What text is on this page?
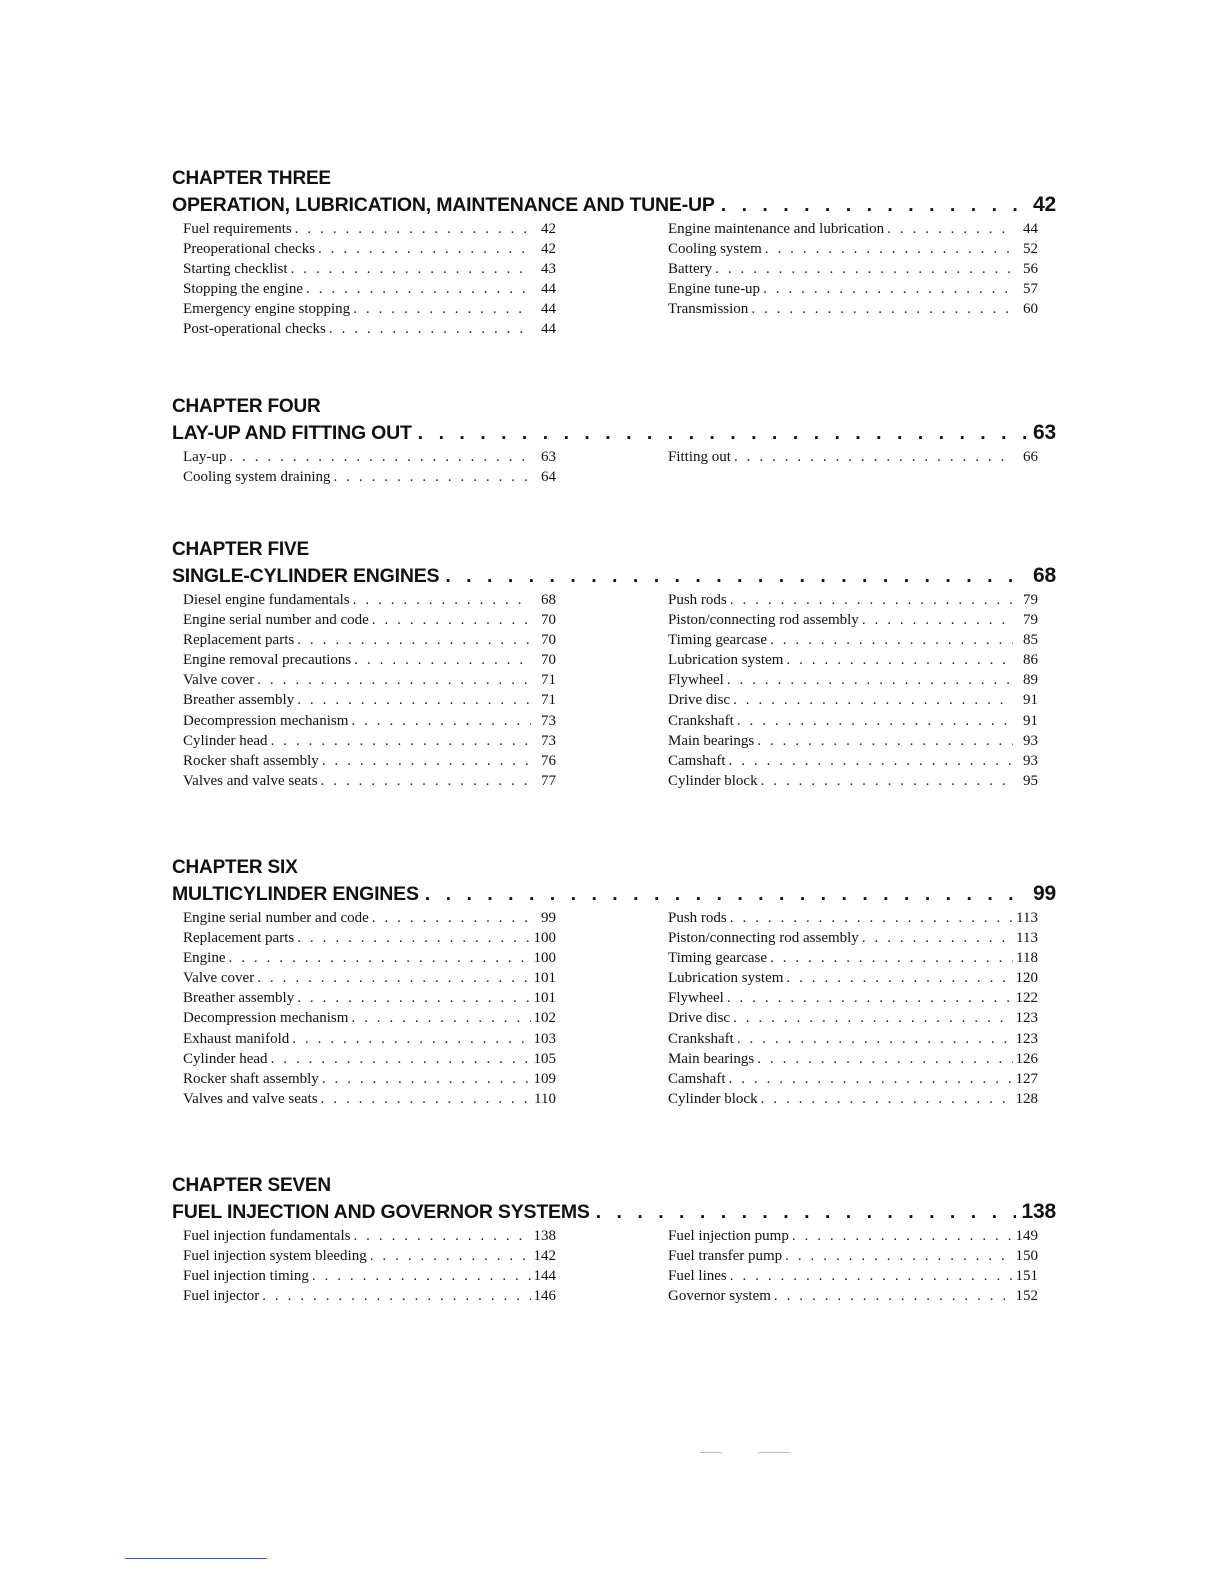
CHAPTER THREE
OPERATION, LUBRICATION, MAINTENANCE AND TUNE-UP . . .	42
Fuel requirements . . .	42
Preoperational checks . . .	42
Starting checklist . . .	43
Stopping the engine . . .	44
Emergency engine stopping . . .	44
Post-operational checks . . .	44
Engine maintenance and lubrication . . .	44
Cooling system . . .	52
Battery . . .	56
Engine tune-up . . .	57
Transmission . . .	60
CHAPTER FOUR
LAY-UP AND FITTING OUT . . .	63
Lay-up . . .	63
Cooling system draining . . .	64
Fitting out . . .	66
CHAPTER FIVE
SINGLE-CYLINDER ENGINES . . .	68
Diesel engine fundamentals . . .	68
Engine serial number and code . . .	70
Replacement parts . . .	70
Engine removal precautions . . .	70
Valve cover . . .	71
Breather assembly . . .	71
Decompression mechanism . . .	73
Cylinder head . . .	73
Rocker shaft assembly . . .	76
Valves and valve seats . . .	77
Push rods . . .	79
Piston/connecting rod assembly . . .	79
Timing gearcase . . .	85
Lubrication system . . .	86
Flywheel . . .	89
Drive disc . . .	91
Crankshaft . . .	91
Main bearings . . .	93
Camshaft . . .	93
Cylinder block . . .	95
CHAPTER SIX
MULTICYLINDER ENGINES . . .	99
Engine serial number and code . . .	99
Replacement parts . . .	100
Engine . . .	100
Valve cover . . .	101
Breather assembly . . .	101
Decompression mechanism . . .	102
Exhaust manifold . . .	103
Cylinder head . . .	105
Rocker shaft assembly . . .	109
Valves and valve seats . . .	110
Push rods . . .	113
Piston/connecting rod assembly . . .	113
Timing gearcase . . .	118
Lubrication system . . .	120
Flywheel . . .	122
Drive disc . . .	123
Crankshaft . . .	123
Main bearings . . .	126
Camshaft . . .	127
Cylinder block . . .	128
CHAPTER SEVEN
FUEL INJECTION AND GOVERNOR SYSTEMS . . .	138
Fuel injection fundamentals . . .	138
Fuel injection system bleeding . . .	142
Fuel injection timing . . .	144
Fuel injector . . .	146
Fuel injection pump . . .	149
Fuel transfer pump . . .	150
Fuel lines . . .	151
Governor system . . .	152
